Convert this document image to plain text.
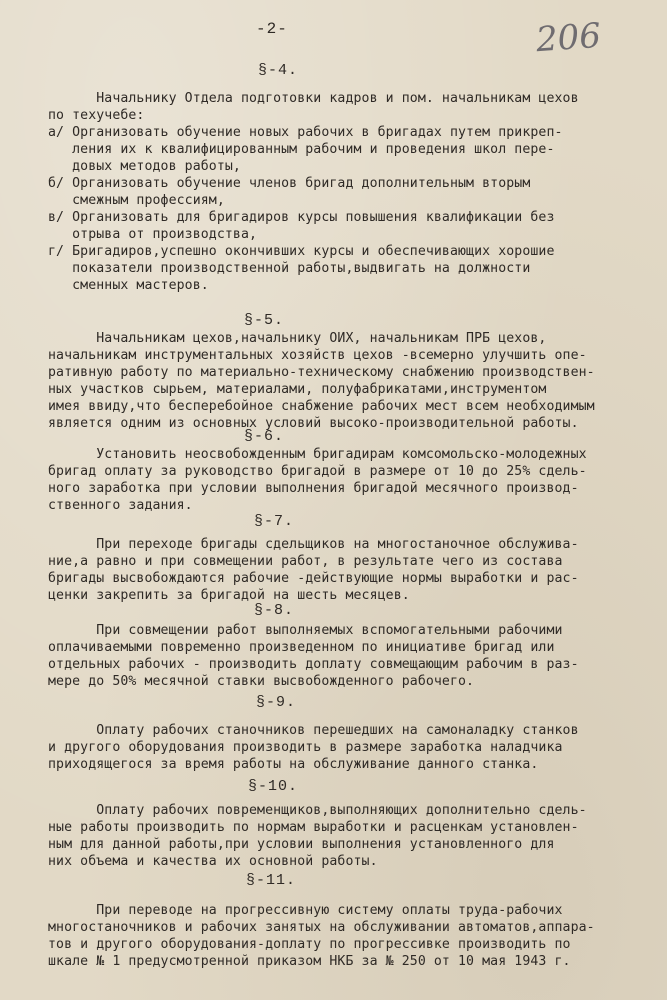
-2-	206
§-4.
Начальнику Отдела подготовки кадров и пом. начальникам цехов
по техучебе:
а/ Организовать обучение новых рабочих в бригадах путем прикреп-
ления их к квалифицированным рабочим и проведения школ пере-
довых методов работы,
б/ Организовать обучение членов бригад дополнительным вторым
смежным профессиям,
в/ Организовать для бригадиров курсы повышения квалификации без
отрыва от производства,
г/ Бригадиров,успешно окончивших курсы и обеспечивающих хорошие
показатели производственной работы,выдвигать на должности
сменных мастеров.
§-5.
Начальникам цехов,начальнику ОИХ, начальникам ПРБ цехов,
начальникам инструментальных хозяйств цехов -всемерно улучшить опе-
ративную работу по материально-техническому снабжению производствен-
ных участков сырьем, материалами, полуфабрикатами,инструментом
имея ввиду,что бесперебойное снабжение рабочих мест всем необходимым
является одним из основных условий высоко-производительной работы.
§-6.
Установить неосвобожденным бригадирам комсомольско-молодежных
бригад оплату за руководство бригадой в размере от 10 до 25% сдель-
ного заработка при условии выполнения бригадой месячного производ-
ственного задания.
§-7.
При переходе бригады сдельщиков на многостаночное обслужива-
ние,а равно и при совмещении работ, в результате чего из состава
бригады высвобождаются рабочие -действующие нормы выработки и рас-
ценки закрепить за бригадой на шесть месяцев.
§-8.
При совмещении работ выполняемых вспомогательными рабочими
оплачиваемыми повременно произведенном по инициативе бригад или
отдельных рабочих - производить доплату совмещающим рабочим в раз-
мере до 50% месячной ставки высвобожденного рабочего.
§-9.
Оплату рабочих станочников перешедших на самоналадку станков
и другого оборудования производить в размере заработка наладчика
приходящегося за время работы на обслуживание данного станка.
§-10.
Оплату рабочих повременщиков,выполняющих дополнительно сдель-
ные работы производить по нормам выработки и расценкам установлен-
ным для данной работы,при условии выполнения установленного для
них объема и качества их основной работы.
§-11.
При переводе на прогрессивную систему оплаты труда-рабочих
многостаночников и рабочих занятых на обслуживании автоматов,аппара-
тов и другого оборудования-доплату по прогрессивке производить по
шкале № 1 предусмотренной приказом НКБ за № 250 от 10 мая 1943 г.
